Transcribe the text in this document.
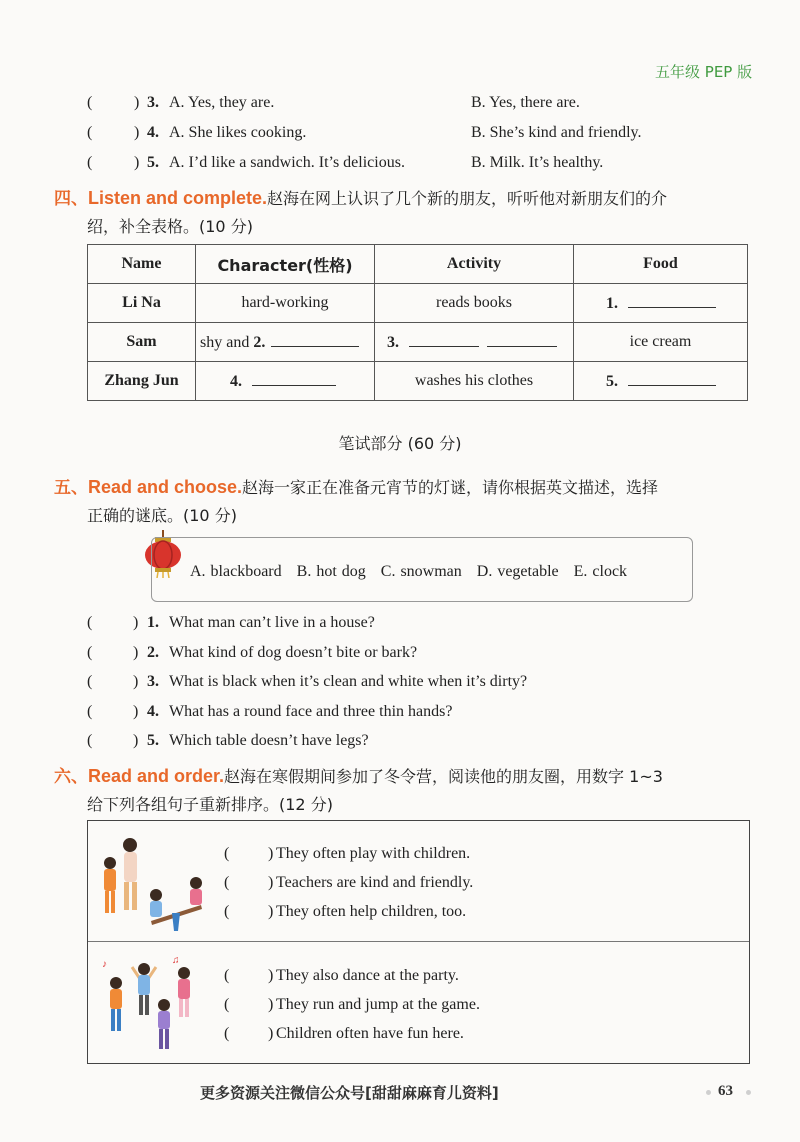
五年级 PEP 版
(	) 3. A. Yes, they are.	B. Yes, there are.
(	) 4. A. She likes cooking.	B. She’s kind and friendly.
(	) 5. A. I’d like a sandwich. It’s delicious.	B. Milk. It’s healthy.
四、Listen and complete.赵海在网上认识了几个新的朋友，听听他对新朋友们的介
绍，补全表格。(10 分)
Name	Character(性格)	Activity	Food
Li Na	hard-working	reads books	1.
Sam	shy and 2.	3.	ice cream
Zhang Jun	4.	washes his clothes	5.
笔试部分 (60 分)
五、Read and choose.赵海一家正在准备元宵节的灯谜，请你根据英文描述，选择
正确的谜底。(10 分)
A. blackboard B. hot dog C. snowman D. vegetable E. clock
(	) 1. What man can’t live in a house?
(	) 2. What kind of dog doesn’t bite or bark?
(	) 3. What is black when it’s clean and white when it’s dirty?
(	) 4. What has a round face and three thin hands?
(	) 5. Which table doesn’t have legs?
六、Read and order.赵海在寒假期间参加了冬令营，阅读他的朋友圈，用数字 1~3
给下列各组句子重新排序。(12 分)
( ) They often play with children.
( ) Teachers are kind and friendly.
( ) They often help children, too.
♪	♫
( ) They also dance at the party.
( ) They run and jump at the game.
( ) Children often have fun here.
更多资源关注微信公众号[甜甜麻麻育儿资料]	63
